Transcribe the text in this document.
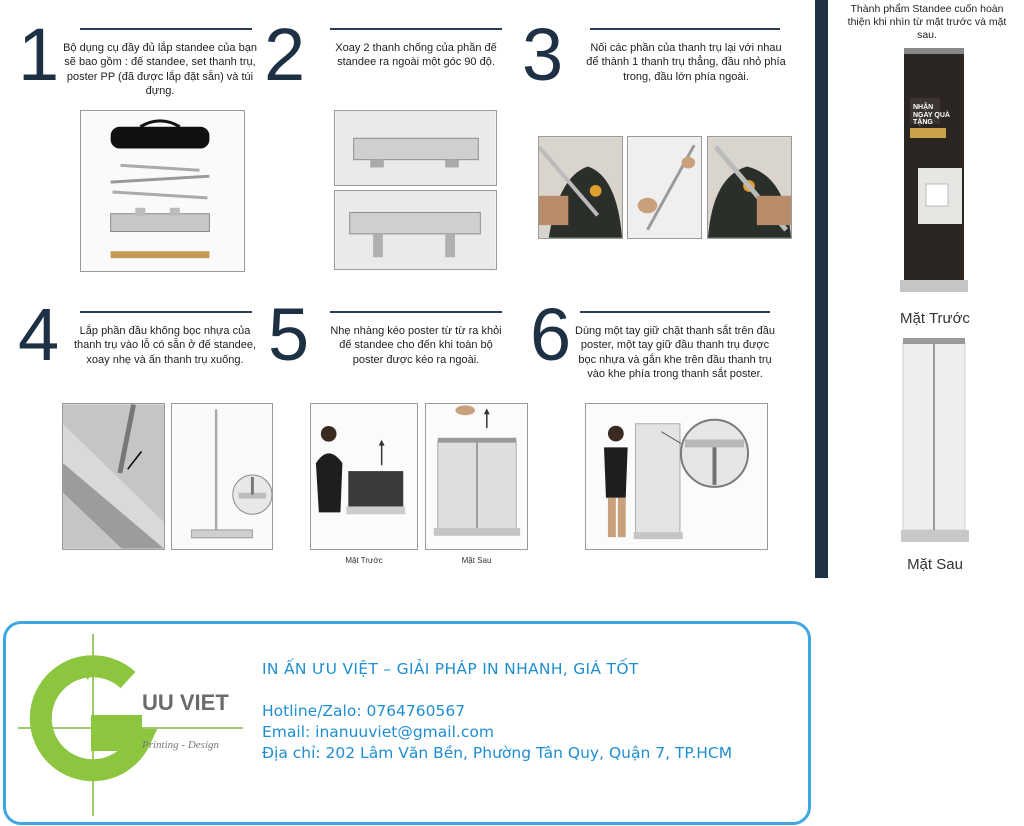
1 Bộ dụng cụ đầy đủ lắp standee của bạn sẽ bao gồm : đế standee, set thanh trụ, poster PP (đã được lắp đặt sẵn) và túi đựng.	2	Xoay 2 thanh chống của phần đế standee ra ngoài một góc 90 độ. 3	Nối các phần của thanh trụ lại với nhau để thành 1 thanh trụ thẳng, đầu nhỏ phía trong, đầu lớn phía ngoài.
4	Lắp phần đầu không bọc nhựa của thanh trụ vào lỗ có sẵn ở đế standee, xoay nhẹ và ấn thanh trụ xuống. 5	Nhẹ nhàng kéo poster từ từ ra khỏi đế standee cho đến khi toàn bộ poster được kéo ra ngoài.
Mặt Trước	Mặt Sau
6 Dùng một tay giữ chặt thanh sắt trên đầu poster, một tay giữ đầu thanh trụ được bọc nhựa và gắn khe trên đầu thanh trụ vào khe phía trong thanh sắt poster.
Thành phẩm Standee cuốn hoàn thiện khi nhìn từ mặt trước và mặt sau.
NHẬN NGAY QUÀ TẶNG
Mặt Trước
Mặt Sau
UU VIET
Printing - Design
IN ẤN ƯU VIỆT – GIẢI PHÁP IN NHANH, GIÁ TỐT
Hotline/Zalo: 0764760567
Email: inanuuviet@gmail.com
Địa chỉ: 202 Lâm Văn Bền, Phường Tân Quy, Quận 7, TP.HCM
